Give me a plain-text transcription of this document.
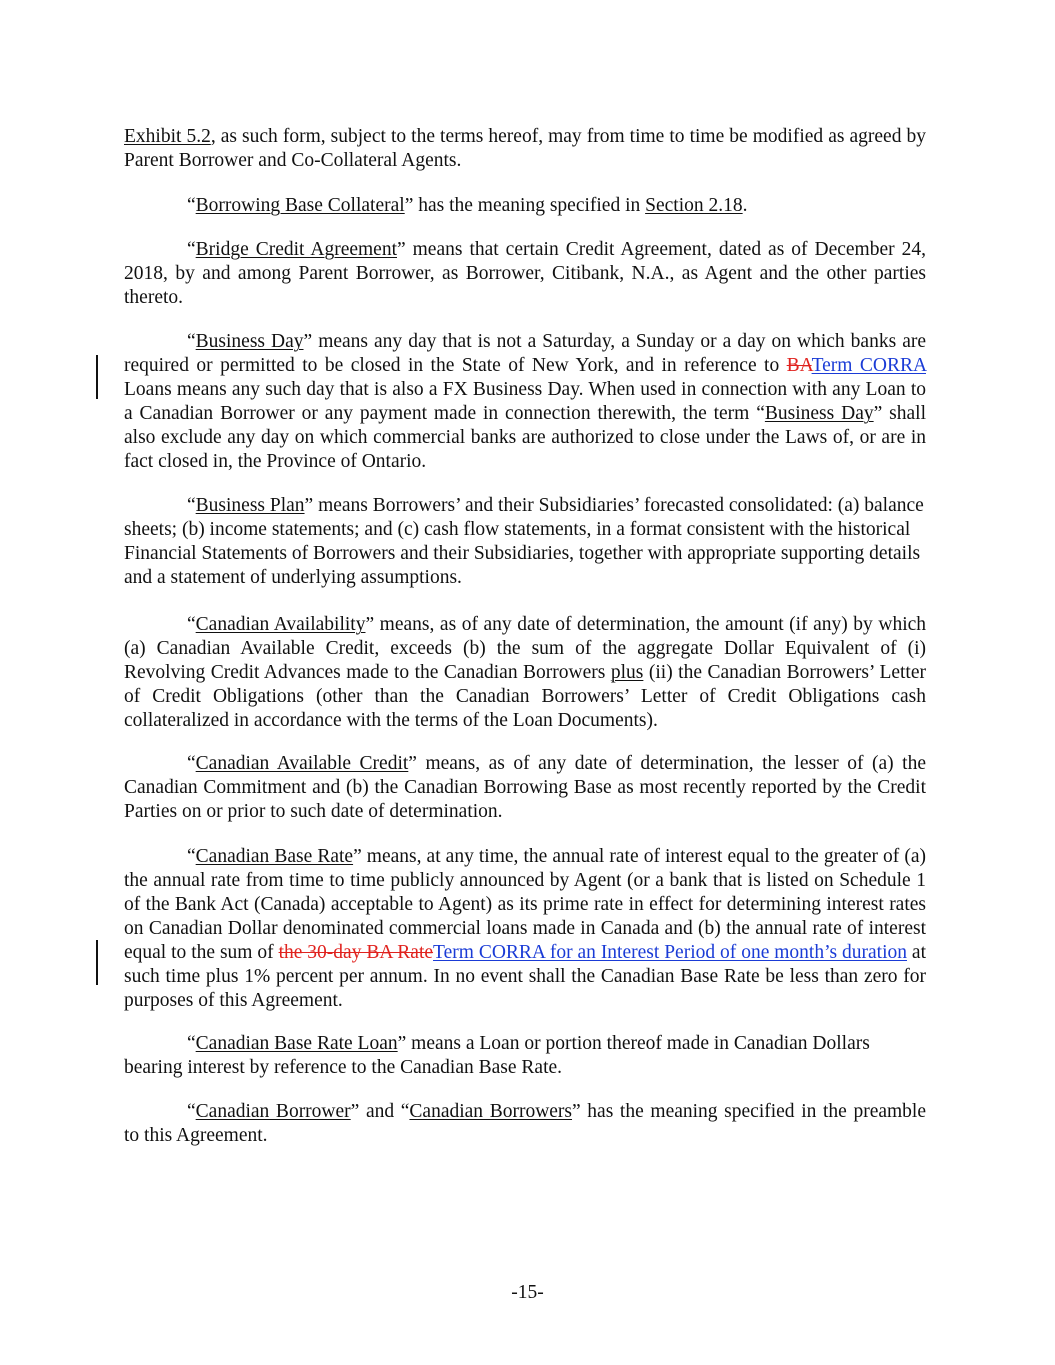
Exhibit 5.2, as such form, subject to the terms hereof, may from time to time be modified as agreed by Parent Borrower and Co-Collateral Agents.

“Borrowing Base Collateral” has the meaning specified in Section 2.18.

“Bridge Credit Agreement” means that certain Credit Agreement, dated as of December 24, 2018, by and among Parent Borrower, as Borrower, Citibank, N.A., as Agent and the other parties thereto.

“Business Day” means any day that is not a Saturday, a Sunday or a day on which banks are required or permitted to be closed in the State of New York, and in reference to BATerm CORRA Loans means any such day that is also a FX Business Day. When used in connection with any Loan to a Canadian Borrower or any payment made in connection therewith, the term “Business Day” shall also exclude any day on which commercial banks are authorized to close under the Laws of, or are in fact closed in, the Province of Ontario.

“Business Plan” means Borrowers’ and their Subsidiaries’ forecasted consolidated: (a) balance sheets; (b) income statements; and (c) cash flow statements, in a format consistent with the historical Financial Statements of Borrowers and their Subsidiaries, together with appropriate supporting details and a statement of underlying assumptions.

“Canadian Availability” means, as of any date of determination, the amount (if any) by which (a) Canadian Available Credit, exceeds (b) the sum of the aggregate Dollar Equivalent of (i) Revolving Credit Advances made to the Canadian Borrowers plus (ii) the Canadian Borrowers’ Letter of Credit Obligations (other than the Canadian Borrowers’ Letter of Credit Obligations cash collateralized in accordance with the terms of the Loan Documents).

“Canadian Available Credit” means, as of any date of determination, the lesser of (a) the Canadian Commitment and (b) the Canadian Borrowing Base as most recently reported by the Credit Parties on or prior to such date of determination.

“Canadian Base Rate” means, at any time, the annual rate of interest equal to the greater of (a) the annual rate from time to time publicly announced by Agent (or a bank that is listed on Schedule 1 of the Bank Act (Canada) acceptable to Agent) as its prime rate in effect for determining interest rates on Canadian Dollar denominated commercial loans made in Canada and (b) the annual rate of interest equal to the sum of the 30-day BA RateTerm CORRA for an Interest Period of one month’s duration at such time plus 1% percent per annum. In no event shall the Canadian Base Rate be less than zero for purposes of this Agreement.

“Canadian Base Rate Loan” means a Loan or portion thereof made in Canadian Dollars bearing interest by reference to the Canadian Base Rate.

“Canadian Borrower” and “Canadian Borrowers” has the meaning specified in the preamble to this Agreement.

-15-
